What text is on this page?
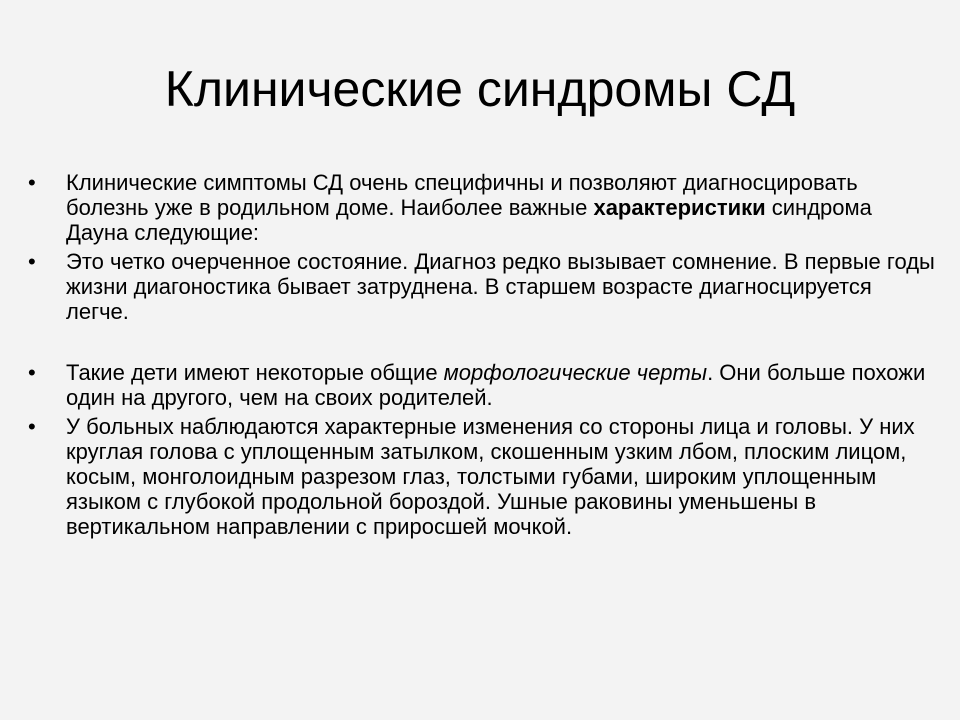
Клинические синдромы СД
• Клинические симптомы СД очень специфичны и позволяют диагносцировать болезнь уже в родильном доме. Наиболее важные характеристики синдрома Дауна следующие:
• Это четко очерченное состояние. Диагноз редко вызывает сомнение. В первые годы жизни диагоностика бывает затруднена. В старшем возрасте диагносцируется легче.
• Такие дети имеют некоторые общие морфологические черты. Они больше похожи один на другого, чем на своих родителей.
• У больных наблюдаются характерные изменения со стороны лица и головы. У них круглая голова с уплощенным затылком, скошенным узким лбом, плоским лицом, косым, монголоидным разрезом глаз, толстыми губами, широким уплощенным языком с глубокой продольной бороздой. Ушные раковины уменьшены в вертикальном направлении с приросшей мочкой.
